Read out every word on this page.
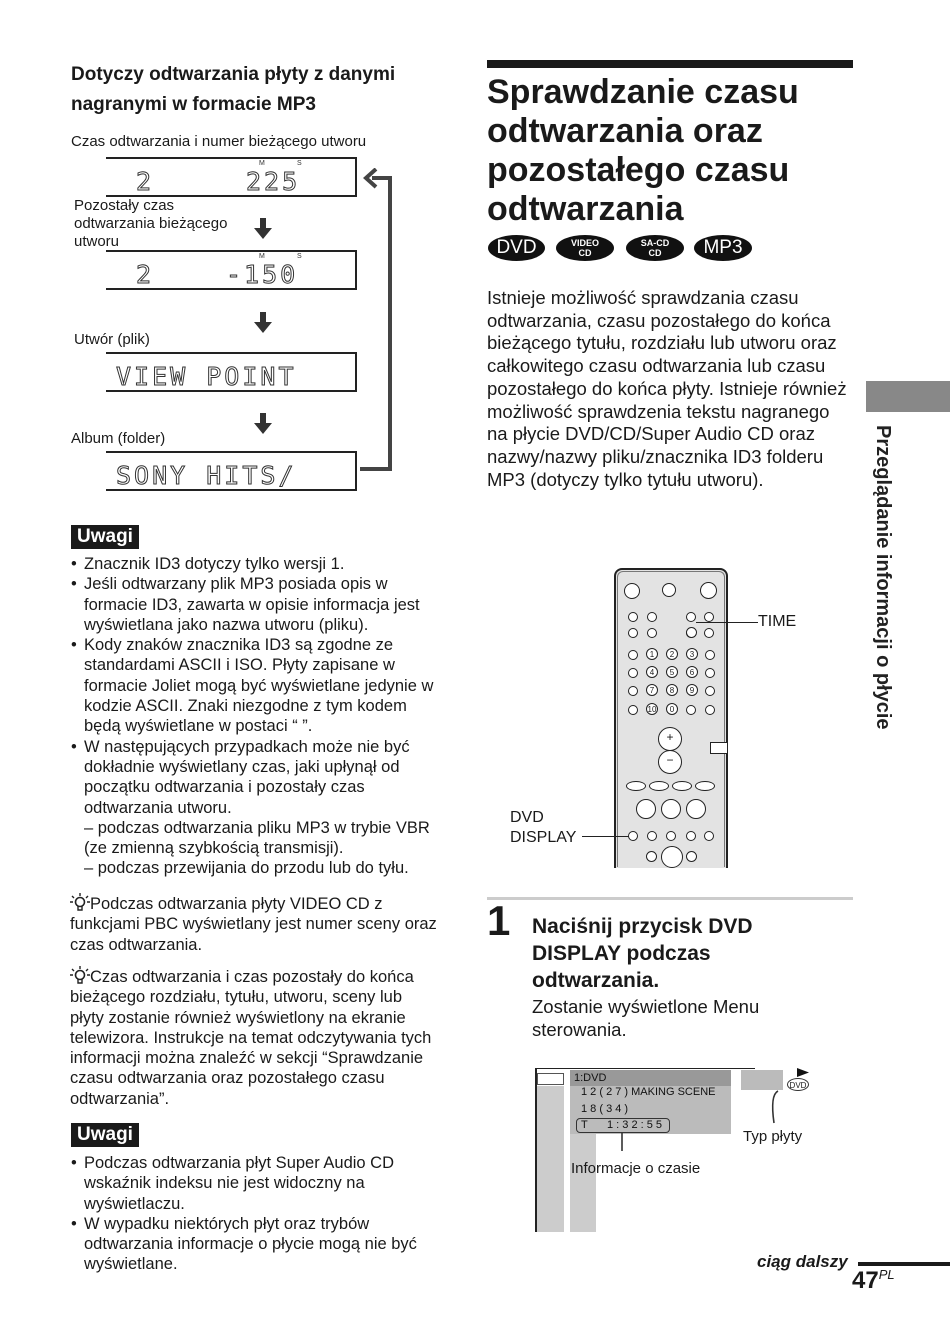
Dotyczy odtwarzania płyty z danymi
nagranymi w formacie MP3
Czas odtwarzania i numer bieżącego utworu
M	S
2	225
Pozostały czas
odtwarzania bieżącego
utworu
M	S
2	-150
Utwór (plik)
VIEW POINT
Album (folder)
SONY HITS/
Uwagi
• Znacznik ID3 dotyczy tylko wersji 1.
• Jeśli odtwarzany plik MP3 posiada opis w formacie ID3, zawarta w opisie informacja jest wyświetlana jako nazwa utworu (pliku).
• Kody znaków znacznika ID3 są zgodne ze standardami ASCII i ISO. Płyty zapisane w formacie Joliet mogą być wyświetlane jedynie w kodzie ASCII. Znaki niezgodne z tym kodem będą wyświetlane w postaci “ ”.
• W następujących przypadkach może nie być dokładnie wyświetlany czas, jaki upłynął od początku odtwarzania i pozostały czas odtwarzania utworu.
– podczas odtwarzania pliku MP3 w trybie VBR (ze zmienną szybkością transmisji).
– podczas przewijania do przodu lub do tyłu.
Podczas odtwarzania płyty VIDEO CD z funkcjami PBC wyświetlany jest numer sceny oraz czas odtwarzania.
Czas odtwarzania i czas pozostały do końca bieżącego rozdziału, tytułu, utworu, sceny lub płyty zostanie również wyświetlony na ekranie telewizora. Instrukcje na temat odczytywania tych informacji można znaleźć w sekcji “Sprawdzanie czasu odtwarzania oraz pozostałego czasu odtwarzania”.
Uwagi
• Podczas odtwarzania płyt Super Audio CD wskaźnik indeksu nie jest widoczny na wyświetlaczu.
• W wypadku niektórych płyt oraz trybów odtwarzania informacje o płycie mogą nie być wyświetlane.
Sprawdzanie czasu
odtwarzania oraz
pozostałego czasu
odtwarzania
DVD	VIDEO
CD
SA-CD
CD	MP3
Istnieje możliwość sprawdzania czasu odtwarzania, czasu pozostałego do końca bieżącego tytułu, rozdziału lub utworu oraz całkowitego czasu odtwarzania lub czasu pozostałego do końca płyty. Istnieje również możliwość sprawdzenia tekstu nagranego na płycie DVD/CD/Super Audio CD oraz nazwy/nazwy pliku/znacznika ID3 folderu MP3 (dotyczy tylko tytułu utworu).
1	2	3
4	5	6
7	8	9
10	0
+
−
TIME
DVD
DISPLAY
1 Naciśnij przycisk DVD
DISPLAY podczas
odtwarzania.
Zostanie wyświetlone Menu sterowania.
1:DVD
1 2 ( 2 7 ) MAKING SCENE
1 8 ( 3 4 )
T 1 : 3 2 : 5 5
DVD
Typ płyty
Informacje o czasie
Przeglądanie informacji o płycie
ciąg dalszy
$47^{PL}$
